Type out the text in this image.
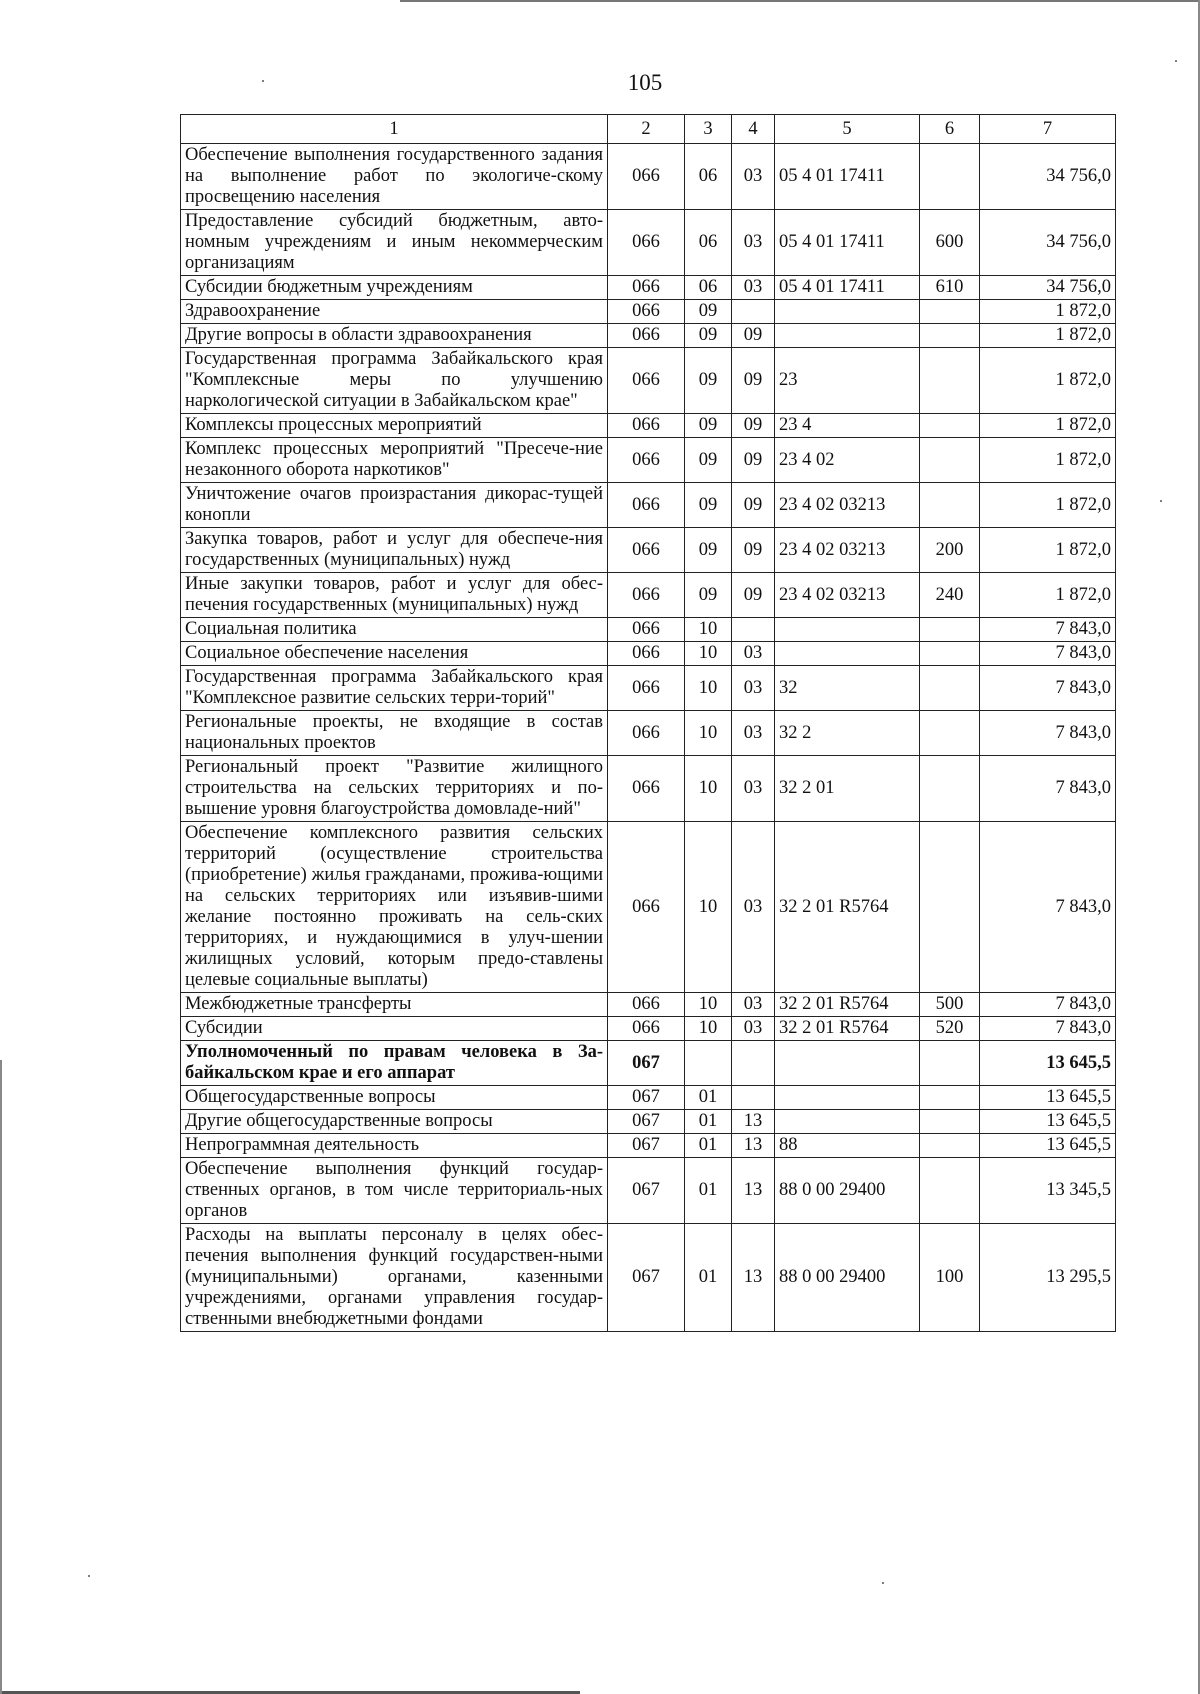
105
1	2	3	4	5	6	7
Обеспечение выполнения государственного задания на выполнение работ по экологиче-скому просвещению населения	066	06	03	05 4 01 17411		34 756,0
Предоставление субсидий бюджетным, авто-номным учреждениям и иным некоммерческим организациям	066	06	03	05 4 01 17411	600	34 756,0
Субсидии бюджетным учреждениям	066	06	03	05 4 01 17411	610	34 756,0
Здравоохранение	066	09				1 872,0
Другие вопросы в области здравоохранения	066	09	09			1 872,0
Государственная программа Забайкальского края "Комплексные меры по улучшению наркологической ситуации в Забайкальском крае"	066	09	09	23		1 872,0
Комплексы процессных мероприятий	066	09	09	23 4		1 872,0
Комплекс процессных мероприятий "Пресече-ние незаконного оборота наркотиков"	066	09	09	23 4 02		1 872,0
Уничтожение очагов произрастания дикорас-тущей конопли	066	09	09	23 4 02 03213		1 872,0
Закупка товаров, работ и услуг для обеспече-ния государственных (муниципальных) нужд	066	09	09	23 4 02 03213	200	1 872,0
Иные закупки товаров, работ и услуг для обес-печения государственных (муниципальных) нужд	066	09	09	23 4 02 03213	240	1 872,0
Социальная политика	066	10				7 843,0
Социальное обеспечение населения	066	10	03			7 843,0
Государственная программа Забайкальского края "Комплексное развитие сельских терри-торий"	066	10	03	32		7 843,0
Региональные проекты, не входящие в состав национальных проектов	066	10	03	32 2		7 843,0
Региональный проект "Развитие жилищного строительства на сельских территориях и по-вышение уровня благоустройства домовладе-ний"	066	10	03	32 2 01		7 843,0
Обеспечение комплексного развития сельских территорий (осуществление строительства (приобретение) жилья гражданами, прожива-ющими на сельских территориях или изъявив-шими желание постоянно проживать на сель-ских территориях, и нуждающимися в улуч-шении жилищных условий, которым предо-ставлены целевые социальные выплаты)	066	10	03	32 2 01 R5764		7 843,0
Межбюджетные трансферты	066	10	03	32 2 01 R5764	500	7 843,0
Субсидии	066	10	03	32 2 01 R5764	520	7 843,0
Уполномоченный по правам человека в За-байкальском крае и его аппарат	067					13 645,5
Общегосударственные вопросы	067	01				13 645,5
Другие общегосударственные вопросы	067	01	13			13 645,5
Непрограммная деятельность	067	01	13	88		13 645,5
Обеспечение выполнения функций государ-ственных органов, в том числе территориаль-ных органов	067	01	13	88 0 00 29400		13 345,5
Расходы на выплаты персоналу в целях обес-печения выполнения функций государствен-ными (муниципальными) органами, казенными учреждениями, органами управления государ-ственными внебюджетными фондами	067	01	13	88 0 00 29400	100	13 295,5
